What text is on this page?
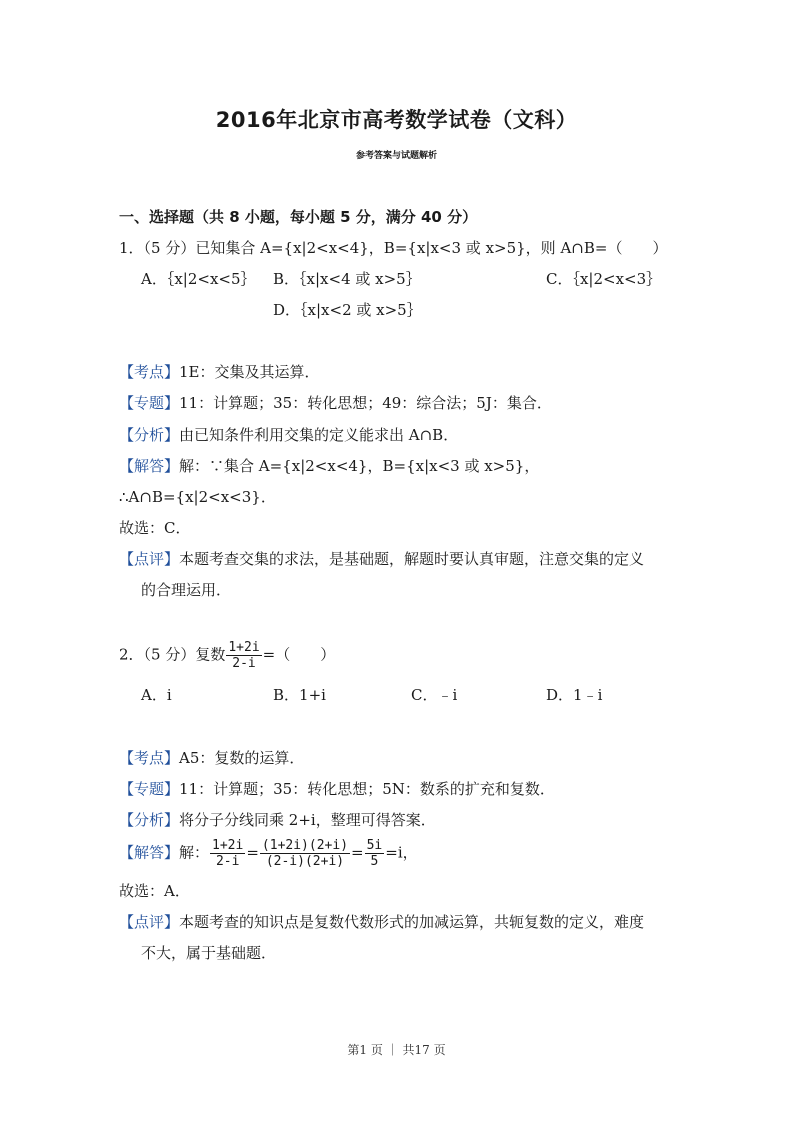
2016年北京市高考数学试卷（文科）
参考答案与试题解析
一、选择题（共 8 小题，每小题 5 分，满分 40 分）
1．（5 分）已知集合 A={x|2<x<4}，B={x|x<3 或 x>5}，则 A∩B=（　　）
A．｛x|2<x<5｝ B．｛x|x<4 或 x>5｝	C．｛x|2<x<3｝
D．｛x|x<2 或 x>5｝
【考点】1E：交集及其运算．
【专题】11：计算题；35：转化思想；49：综合法；5J：集合．
【分析】由已知条件利用交集的定义能求出 A∩B．
【解答】解：∵集合 A={x|2<x<4}，B={x|x<3 或 x>5}，
∴A∩B={x|2<x<3}．
故选：C．
【点评】本题考查交集的求法，是基础题，解题时要认真审题，注意交集的定义
的合理运用．
2．（5 分）复数 $\frac{1+2i}{2-i}$ =（　　）
A．i	B．1+i	C．﹣i	D．1﹣i
【考点】A5：复数的运算．
【专题】11：计算题；35：转化思想；5N：数系的扩充和复数．
【分析】将分子分线同乘 2+i，整理可得答案．
【解答】解： $\frac{1+2i}{2-i} = \frac{(1+2i)(2+i)}{(2-i)(2+i)} = \frac{5i}{5} =i$，
故选：A．
【点评】本题考查的知识点是复数代数形式的加减运算，共轭复数的定义，难度
不大，属于基础题．
第1 页 ｜ 共17 页
